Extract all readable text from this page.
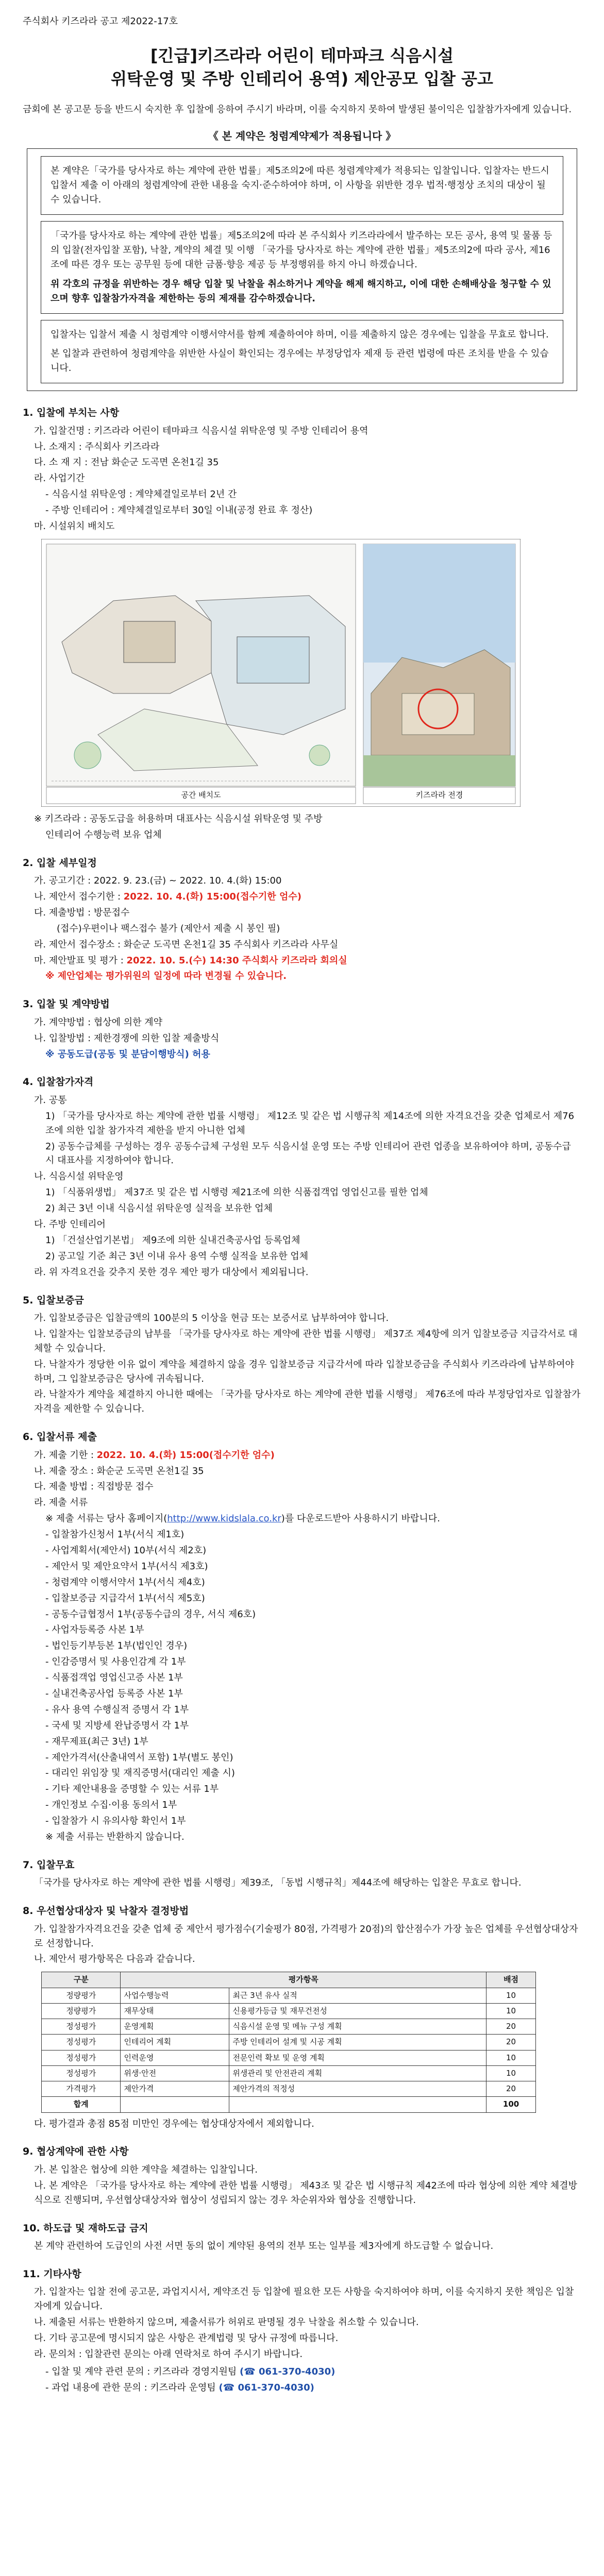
주식회사 키즈라라 공고 제2022-17호
[긴급]키즈라라 어린이 테마파크 식음시설
위탁운영 및 주방 인테리어 용역) 제안공모 입찰 공고

금회에 본 공고문 등을 반드시 숙지한 후 입찰에 응하여 주시기 바라며, 이를 숙지하지 못하여 발생된 불이익은 입찰참가자에게 있습니다.

《 본 계약은 청렴계약제가 적용됩니다 》

본 계약은「국가를 당사자로 하는 계약에 관한 법률」제5조의2에 따른 청렴계약제가 적용되는 입찰입니다. 입찰자는 반드시 입찰서 제출 이 아래의 청렴계약에 관한 내용을 숙지·준수하여야 하며, 이 사항을 위반한 경우 법적·행정상 조치의 대상이 될 수 있습니다.

「국가를 당사자로 하는 계약에 관한 법률」제5조의2에 따라 본 주식회사 키즈라라에서 발주하는 모든 공사, 용역 및 물품 등의 입찰(전자입찰 포함), 낙찰, 계약의 체결 및 이행 「국가를 당사자로 하는 계약에 관한 법률」제5조의2에 따라 공사, 제16조에 따른 경우 또는 공무원 등에 대한 금품·향응 제공 등 부정행위를 하지 아니 하겠습니다.

위 각호의 규정을 위반하는 경우 해당 입찰 및 낙찰을 취소하거나 계약을 해제 해지하고, 이에 대한 손해배상을 청구할 수 있으며 향후 입찰참가자격을 제한하는 등의 제재를 감수하겠습니다.

입찰자는 입찰서 제출 시 청렴계약 이행서약서를 함께 제출하여야 하며, 이를 제출하지 않은 경우에는 입찰을 무효로 합니다.

본 입찰과 관련하여 청렴계약을 위반한 사실이 확인되는 경우에는 부정당업자 제재 등 관련 법령에 따른 조치를 받을 수 있습니다.

1. 입찰에 부치는 사항
가. 입찰건명 : 키즈라라 어린이 테마파크 식음시설 위탁운영 및 주방 인테리어 용역
나. 소재지 : 주식회사 키즈라라
다. 소 재 지 : 전남 화순군 도곡면 온천1길 35
라. 사업기간
- 식음시설 위탁운영 : 계약체결일로부터 2년 간
- 주방 인테리어 : 계약체결일로부터 30일 이내(공정 완료 후 정산)
마. 시설위치 배치도
공간 배치도	키즈라라 전경
※ 키즈라라 : 공동도급을 허용하며 대표사는 식음시설 위탁운영 및 주방
인테리어 수행능력 보유 업체
2. 입찰 세부일정
가. 공고기간 : 2022. 9. 23.(금) ~ 2022. 10. 4.(화) 15:00
나. 제안서 접수기한 : 2022. 10. 4.(화) 15:00(접수기한 엄수)
다. 제출방법 : 방문접수
(접수)우편이나 팩스접수 불가 (제안서 제출 시 봉인 필)
라. 제안서 접수장소 : 화순군 도곡면 온천1길 35 주식회사 키즈라라 사무실
마. 제안발표 및 평가 : 2022. 10. 5.(수) 14:30 주식회사 키즈라라 회의실
※ 제안업체는 평가위원의 일정에 따라 변경될 수 있습니다.
3. 입찰 및 계약방법
가. 계약방법 : 협상에 의한 계약
나. 입찰방법 : 제한경쟁에 의한 입찰 제출방식
※ 공동도급(공동 및 분담이행방식) 허용
4. 입찰참가자격
가. 공통
1) 「국가를 당사자로 하는 계약에 관한 법률 시행령」 제12조 및 같은 법 시행규칙 제14조에 의한 자격요건을 갖춘 업체로서 제76조에 의한 입찰 참가자격 제한을 받지 아니한 업체
2) 공동수급체를 구성하는 경우 공동수급체 구성원 모두 식음시설 운영 또는 주방 인테리어 관련 업종을 보유하여야 하며, 공동수급 시 대표사를 지정하여야 합니다.
나. 식음시설 위탁운영
1) 「식품위생법」 제37조 및 같은 법 시행령 제21조에 의한 식품접객업 영업신고를 필한 업체
2) 최근 3년 이내 식음시설 위탁운영 실적을 보유한 업체
다. 주방 인테리어
1) 「건설산업기본법」 제9조에 의한 실내건축공사업 등록업체
2) 공고일 기준 최근 3년 이내 유사 용역 수행 실적을 보유한 업체
라. 위 자격요건을 갖추지 못한 경우 제안 평가 대상에서 제외됩니다.
5. 입찰보증금
가. 입찰보증금은 입찰금액의 100분의 5 이상을 현금 또는 보증서로 납부하여야 합니다.
나. 입찰자는 입찰보증금의 납부를 「국가를 당사자로 하는 계약에 관한 법률 시행령」 제37조 제4항에 의거 입찰보증금 지급각서로 대체할 수 있습니다.
다. 낙찰자가 정당한 이유 없이 계약을 체결하지 않을 경우 입찰보증금 지급각서에 따라 입찰보증금을 주식회사 키즈라라에 납부하여야 하며, 그 입찰보증금은 당사에 귀속됩니다.
라. 낙찰자가 계약을 체결하지 아니한 때에는 「국가를 당사자로 하는 계약에 관한 법률 시행령」 제76조에 따라 부정당업자로 입찰참가자격을 제한할 수 있습니다.
6. 입찰서류 제출
가. 제출 기한 : 2022. 10. 4.(화) 15:00(접수기한 엄수)
나. 제출 장소 : 화순군 도곡면 온천1길 35
다. 제출 방법 : 직접방문 접수
라. 제출 서류
※ 제출 서류는 당사 홈페이지(http://www.kidslala.co.kr)를 다운로드받아 사용하시기 바랍니다.
- 입찰참가신청서 1부(서식 제1호)
- 사업계획서(제안서) 10부(서식 제2호)
- 제안서 및 제안요약서 1부(서식 제3호)
- 청렴계약 이행서약서 1부(서식 제4호)
- 입찰보증금 지급각서 1부(서식 제5호)
- 공동수급협정서 1부(공동수급의 경우, 서식 제6호)
- 사업자등록증 사본 1부
- 법인등기부등본 1부(법인인 경우)
- 인감증명서 및 사용인감계 각 1부
- 식품접객업 영업신고증 사본 1부
- 실내건축공사업 등록증 사본 1부
- 유사 용역 수행실적 증명서 각 1부
- 국세 및 지방세 완납증명서 각 1부
- 재무제표(최근 3년) 1부
- 제안가격서(산출내역서 포함) 1부(별도 봉인)
- 대리인 위임장 및 재직증명서(대리인 제출 시)
- 기타 제안내용을 증명할 수 있는 서류 1부
- 개인정보 수집·이용 동의서 1부
- 입찰참가 시 유의사항 확인서 1부
※ 제출 서류는 반환하지 않습니다.
7. 입찰무효
「국가를 당사자로 하는 계약에 관한 법률 시행령」제39조, 「동법 시행규칙」제44조에 해당하는 입찰은 무효로 합니다.
8. 우선협상대상자 및 낙찰자 결정방법
가. 입찰참가자격요건을 갖춘 업체 중 제안서 평가점수(기술평가 80점, 가격평가 20점)의 합산점수가 가장 높은 업체를 우선협상대상자로 선정합니다.
나. 제안서 평가항목은 다음과 같습니다.
구분	평가항목		배점
정량평가	사업수행능력	최근 3년 유사 실적	10
정량평가	재무상태	신용평가등급 및 재무건전성	10
정성평가	운영계획	식음시설 운영 및 메뉴 구성 계획	20
정성평가	인테리어 계획	주방 인테리어 설계 및 시공 계획	20
정성평가	인력운영	전문인력 확보 및 운영 계획	10
정성평가	위생·안전	위생관리 및 안전관리 계획	10
가격평가	제안가격	제안가격의 적정성	20
합계			100
다. 평가결과 총점 85점 미만인 경우에는 협상대상자에서 제외합니다.
9. 협상계약에 관한 사항
가. 본 입찰은 협상에 의한 계약을 체결하는 입찰입니다.
나. 본 계약은 「국가를 당사자로 하는 계약에 관한 법률 시행령」 제43조 및 같은 법 시행규칙 제42조에 따라 협상에 의한 계약 체결방식으로 진행되며, 우선협상대상자와 협상이 성립되지 않는 경우 차순위자와 협상을 진행합니다.
10. 하도급 및 재하도급 금지
본 계약 관련하여 도급인의 사전 서면 동의 없이 계약된 용역의 전부 또는 일부를 제3자에게 하도급할 수 없습니다.
11. 기타사항
가. 입찰자는 입찰 전에 공고문, 과업지시서, 계약조건 등 입찰에 필요한 모든 사항을 숙지하여야 하며, 이를 숙지하지 못한 책임은 입찰자에게 있습니다.
나. 제출된 서류는 반환하지 않으며, 제출서류가 허위로 판명될 경우 낙찰을 취소할 수 있습니다.
다. 기타 공고문에 명시되지 않은 사항은 관계법령 및 당사 규정에 따릅니다.
라. 문의처 : 입찰관련 문의는 아래 연락처로 하여 주시기 바랍니다.
- 입찰 및 계약 관련 문의 : 키즈라라 경영지원팀 (☎ 061-370-4030)
- 과업 내용에 관한 문의 : 키즈라라 운영팀 (☎ 061-370-4030)
